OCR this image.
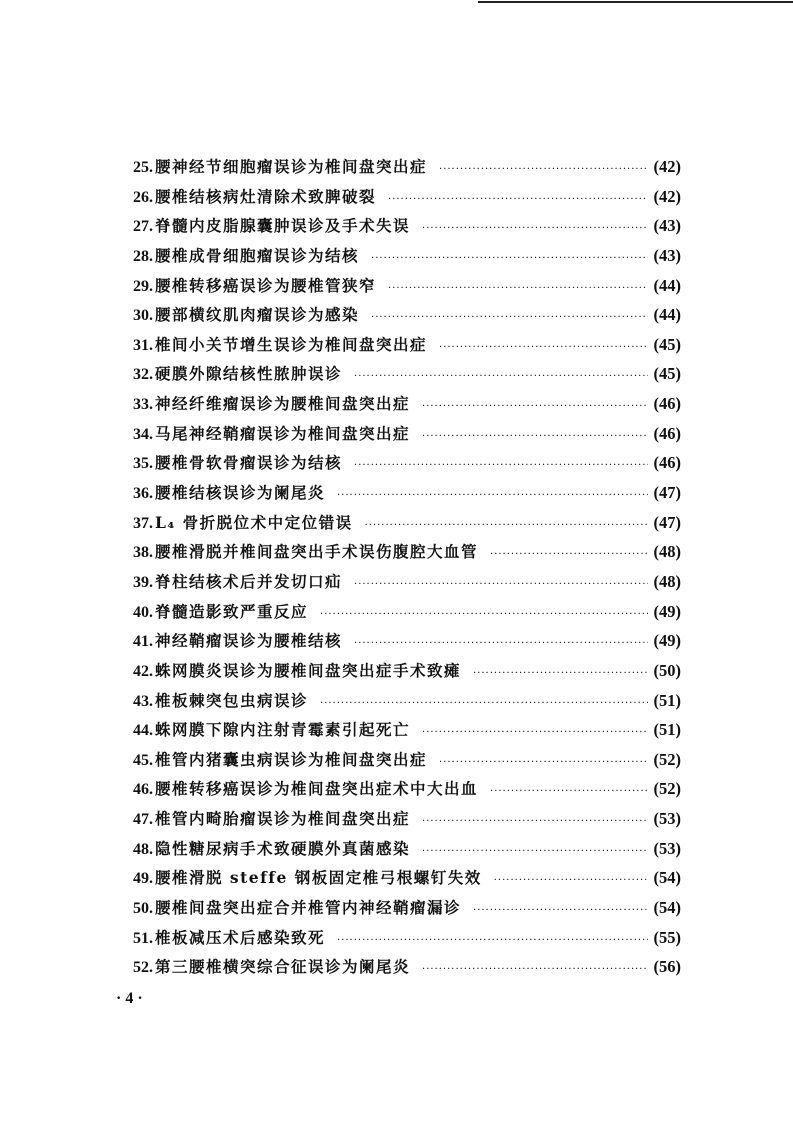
25. 腰神经节细胞瘤误诊为椎间盘突出症 ·····	(42)
26. 腰椎结核病灶清除术致脾破裂 ·····	(42)
27. 脊髓内皮脂腺囊肿误诊及手术失误 ·····	(43)
28. 腰椎成骨细胞瘤误诊为结核 ·····	(43)
29. 腰椎转移癌误诊为腰椎管狭窄 ·····	(44)
30. 腰部横纹肌肉瘤误诊为感染 ·····	(44)
31. 椎间小关节增生误诊为椎间盘突出症 ·····	(45)
32. 硬膜外隙结核性脓肿误诊 ·····	(45)
33. 神经纤维瘤误诊为腰椎间盘突出症 ·····	(46)
34. 马尾神经鞘瘤误诊为椎间盘突出症 ·····	(46)
35. 腰椎骨软骨瘤误诊为结核 ·····	(46)
36. 腰椎结核误诊为阑尾炎 ·····	(47)
37. L₄ 骨折脱位术中定位错误 ·····	(47)
38. 腰椎滑脱并椎间盘突出手术误伤腹腔大血管 ·····	(48)
39. 脊柱结核术后并发切口疝 ·····	(48)
40. 脊髓造影致严重反应 ·····	(49)
41. 神经鞘瘤误诊为腰椎结核 ·····	(49)
42. 蛛网膜炎误诊为腰椎间盘突出症手术致瘫 ·····	(50)
43. 椎板棘突包虫病误诊 ·····	(51)
44. 蛛网膜下隙内注射青霉素引起死亡 ·····	(51)
45. 椎管内猪囊虫病误诊为椎间盘突出症 ·····	(52)
46. 腰椎转移癌误诊为椎间盘突出症术中大出血 ·····	(52)
47. 椎管内畸胎瘤误诊为椎间盘突出症 ·····	(53)
48. 隐性糖尿病手术致硬膜外真菌感染 ·····	(53)
49. 腰椎滑脱 steffe 钢板固定椎弓根螺钉失效 ·····	(54)
50. 腰椎间盘突出症合并椎管内神经鞘瘤漏诊 ·····	(54)
51. 椎板减压术后感染致死 ·····	(55)
52. 第三腰椎横突综合征误诊为阑尾炎 ·····	(56)
· 4 ·
